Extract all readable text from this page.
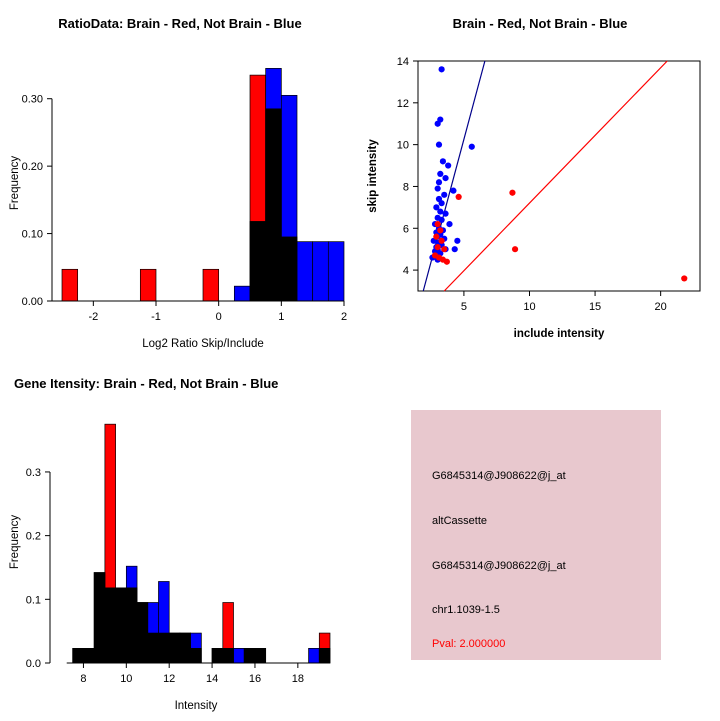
RatioData: Brain - Red, Not Brain - Blue
0.00
0.10
0.20
0.30
-2	-1	0	1	2
Log2 Ratio Skip/Include
Frequency
Brain - Red, Not Brain - Blue
5	10	15	20
4
6
8
10
12
14
include intensity
skip intensity
Gene Itensity: Brain - Red, Not Brain - Blue
0.0
0.1
0.2
0.3
8	10	12	14	16	18
Intensity
Frequency
G6845314@J908622@j_at
altCassette
G6845314@J908622@j_at
chr1.1039-1.5
Pval: 2.000000
